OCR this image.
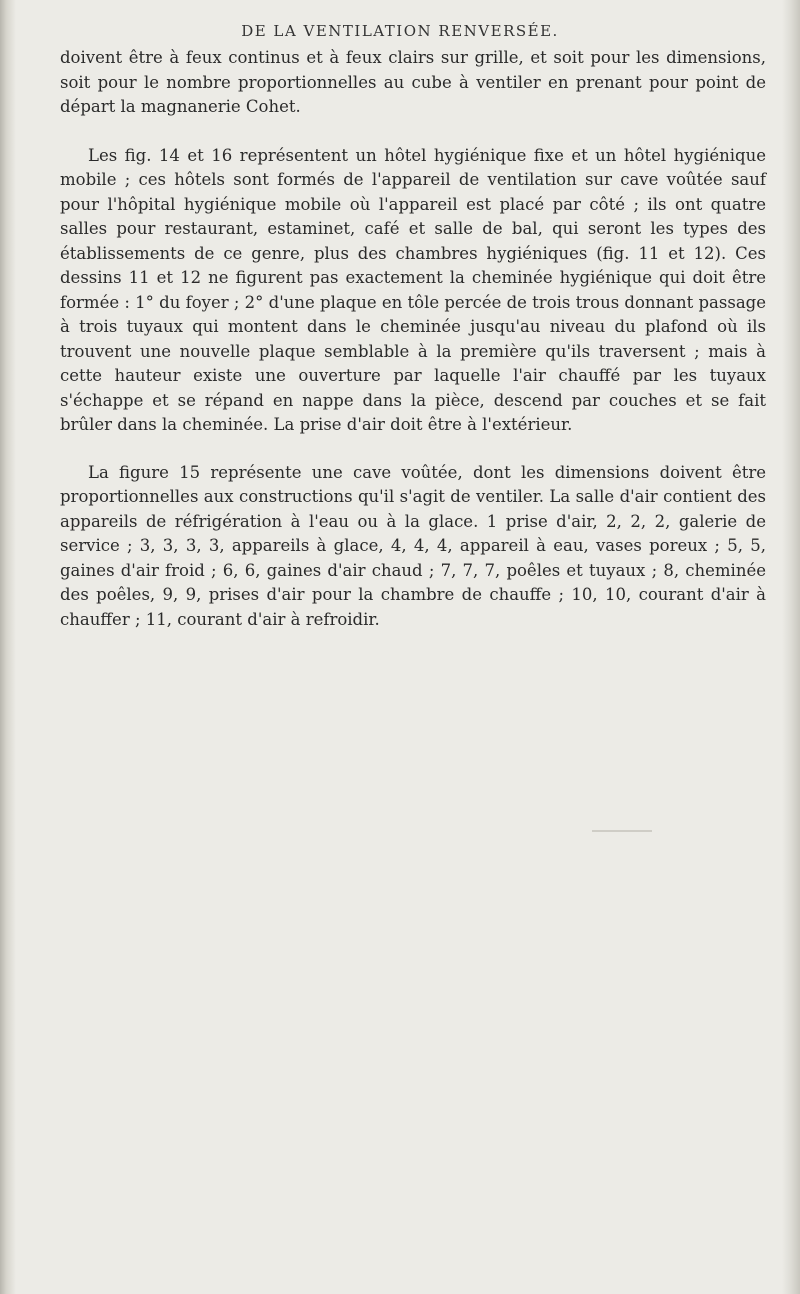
DE LA VENTILATION RENVERSÉE.

doivent être à feux continus et à feux clairs sur grille, et soit pour les dimensions, soit pour le nombre proportionnelles au cube à ventiler en prenant pour point de départ la magnanerie Cohet.

Les fig. 14 et 16 représentent un hôtel hygiénique fixe et un hôtel hygiénique mobile ; ces hôtels sont formés de l'appareil de ventilation sur cave voûtée sauf pour l'hôpital hygiénique mobile où l'appareil est placé par côté ; ils ont quatre salles pour restaurant, estaminet, café et salle de bal, qui seront les types des établissements de ce genre, plus des chambres hygiéniques (fig. 11 et 12). Ces dessins 11 et 12 ne figurent pas exactement la cheminée hygiénique qui doit être formée : 1° du foyer ; 2° d'une plaque en tôle percée de trois trous donnant passage à trois tuyaux qui montent dans le cheminée jusqu'au niveau du plafond où ils trouvent une nouvelle plaque semblable à la première qu'ils traversent ; mais à cette hauteur existe une ouverture par laquelle l'air chauffé par les tuyaux s'échappe et se répand en nappe dans la pièce, descend par couches et se fait brûler dans la cheminée. La prise d'air doit être à l'extérieur.

La figure 15 représente une cave voûtée, dont les dimensions doivent être proportionnelles aux constructions qu'il s'agit de ventiler. La salle d'air contient des appareils de réfrigération à l'eau ou à la glace. 1 prise d'air, 2, 2, 2, galerie de service ; 3, 3, 3, 3, appareils à glace, 4, 4, 4, appareil à eau, vases poreux ; 5, 5, gaines d'air froid ; 6, 6, gaines d'air chaud ; 7, 7, 7, poêles et tuyaux ; 8, cheminée des poêles, 9, 9, prises d'air pour la chambre de chauffe ; 10, 10, courant d'air à chauffer ; 11, courant d'air à refroidir.
